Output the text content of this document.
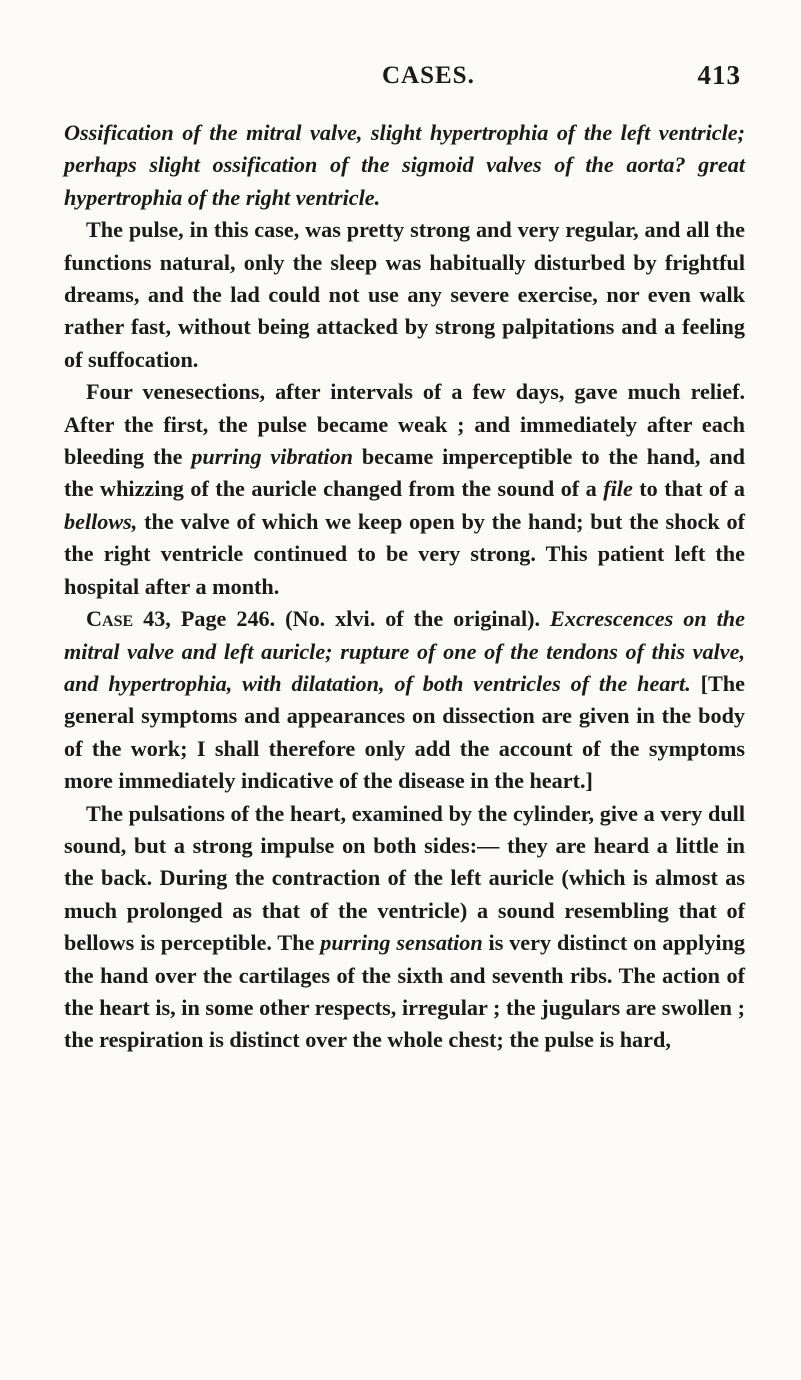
CASES.	413

Ossification of the mitral valve, slight hypertrophia of the left ventricle; perhaps slight ossification of the sigmoid valves of the aorta? great hypertrophia of the right ventricle.

The pulse, in this case, was pretty strong and very regular, and all the functions natural, only the sleep was habitually disturbed by frightful dreams, and the lad could not use any severe exercise, nor even walk rather fast, without being attacked by strong palpitations and a feeling of suffocation.

Four venesections, after intervals of a few days, gave much relief. After the first, the pulse became weak ; and immediately after each bleeding the purring vibration became imperceptible to the hand, and the whizzing of the auricle changed from the sound of a file to that of a bellows, the valve of which we keep open by the hand; but the shock of the right ventricle continued to be very strong. This patient left the hospital after a month.

Case 43, Page 246. (No. xlvi. of the original). Excrescences on the mitral valve and left auricle; rupture of one of the tendons of this valve, and hypertrophia, with dilatation, of both ventricles of the heart. [The general symptoms and appearances on dissection are given in the body of the work; I shall therefore only add the account of the symptoms more immediately indicative of the disease in the heart.]

The pulsations of the heart, examined by the cylinder, give a very dull sound, but a strong impulse on both sides:— they are heard a little in the back. During the contraction of the left auricle (which is almost as much prolonged as that of the ventricle) a sound resembling that of bellows is perceptible. The purring sensation is very distinct on applying the hand over the cartilages of the sixth and seventh ribs. The action of the heart is, in some other respects, irregular ; the jugulars are swollen ; the respiration is distinct over the whole chest; the pulse is hard,
